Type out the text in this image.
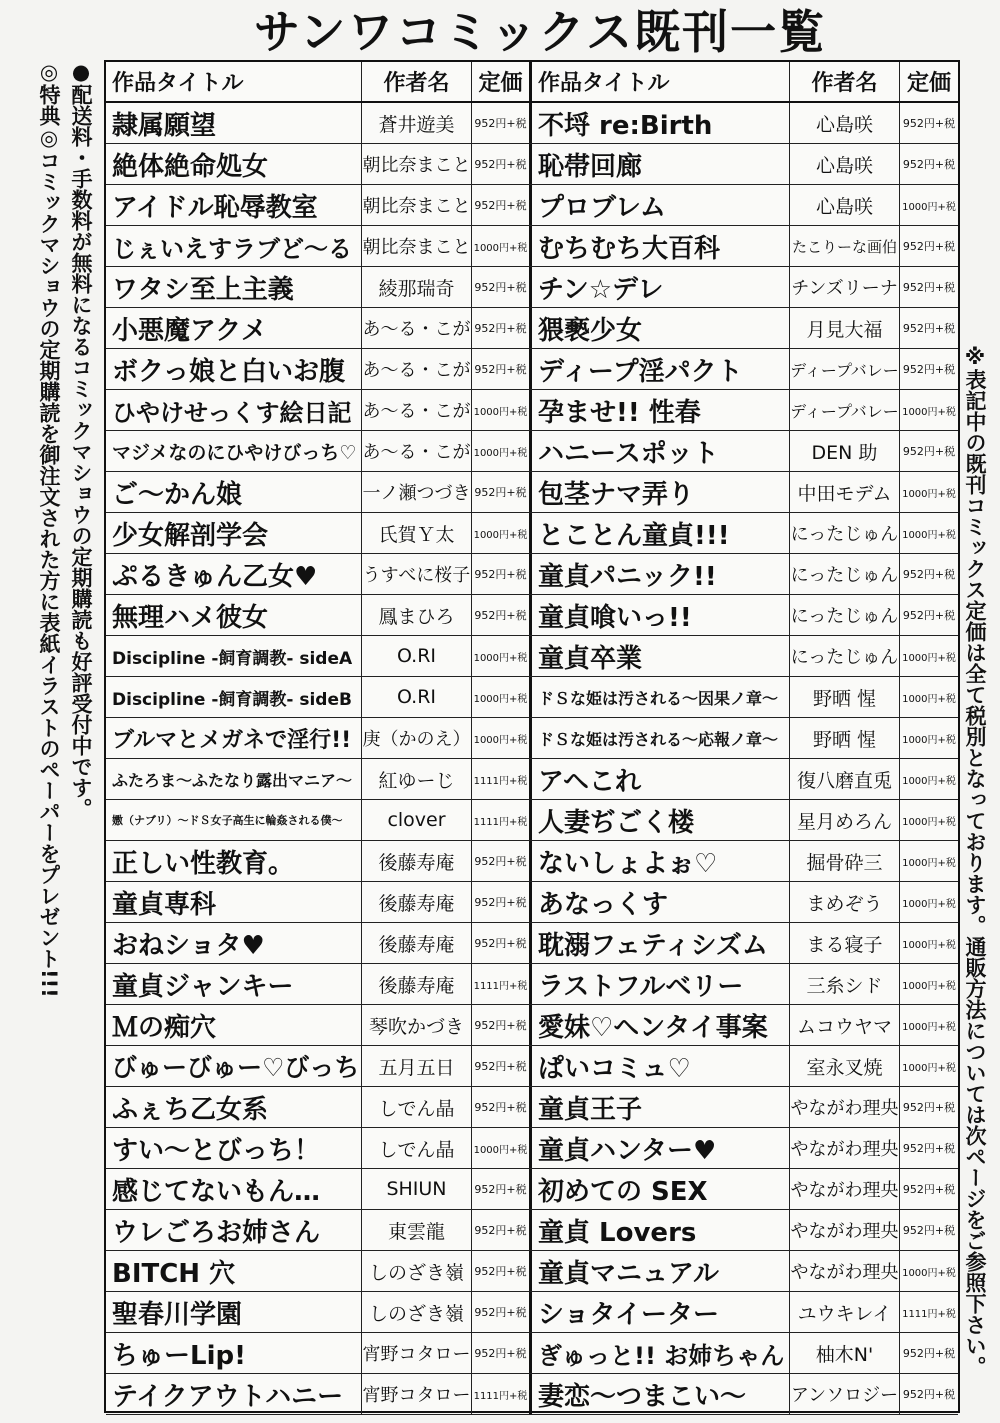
サンワコミックス既刊一覧
●配送料・手数料が無料になるコミックマショウの定期購読も好評受付中です。
◎特典◎コミックマショウの定期購読を御注文された方に表紙イラストのペーパーをプレゼント!!!	※表記中の既刊コミックス定価は全て税別となっております。通販方法については次ページをご参照下さい。
作品タイトル	作者名	定価 作品タイトル	作者名	定価
隷属願望	蒼井遊美	952円+税 不埒 re:Birth	心島咲	952円+税
絶体絶命処女	朝比奈まこと 952円+税 恥帯回廊	心島咲	952円+税
アイドル恥辱教室	朝比奈まこと 952円+税 プロブレム	心島咲	1000円+税
じぇいえすラブど〜る 朝比奈まこと 1000円+税 むちむち大百科	たこりーな画伯 952円+税
ワタシ至上主義	綾那瑞奇	952円+税 チン☆デレ	チンズリーナ 952円+税
小悪魔アクメ	あ〜る・こが 952円+税 猥褻少女	月見大福	952円+税
ボクっ娘と白いお腹 あ〜る・こが 952円+税 ディープ淫パクト	ディープバレー 952円+税
ひやけせっくす絵日記 あ〜る・こが 1000円+税 孕ませ!! 性春	ディープバレー 1000円+税
マジメなのにひやけびっち♡ あ〜る・こが 1000円+税 ハニースポット	DEN 助	952円+税
ご〜かん娘	一ノ瀬つづき 952円+税 包茎ナマ弄り	中田モデム	1000円+税
少女解剖学会	氏賀Ｙ太	1000円+税 とことん童貞!!!	にったじゅん 1000円+税
ぷるきゅん乙女♥	うすべに桜子 952円+税 童貞パニック!!	にったじゅん 952円+税
無理ハメ彼女	鳳まひろ	952円+税 童貞喰いっ!!	にったじゅん 952円+税
Discipline -飼育調教- sideA	O.RI	1000円+税 童貞卒業	にったじゅん 1000円+税
Discipline -飼育調教- sideB	O.RI	1000円+税 ドＳな姫は汚される〜因果ノ章〜	野晒 惺	1000円+税
ブルマとメガネで淫行!! 庚（かのえ） 1000円+税 ドＳな姫は汚される〜応報ノ章〜	野晒 惺	1000円+税
ふたろま〜ふたなり露出マニア〜	紅ゆーじ	1111円+税 アヘこれ	復八磨直兎	1000円+税
嫐（ナブリ）〜ドＳ女子高生に輪姦される僕〜	clover	1111円+税 人妻ぢごく楼	星月めろん	1000円+税
正しい性教育。	後藤寿庵	952円+税 ないしょよぉ♡	掘骨砕三	1000円+税
童貞専科	後藤寿庵	952円+税 あなっくす	まめぞう	1000円+税
おねショタ♥	後藤寿庵	952円+税 耽溺フェティシズム	まる寝子	1000円+税
童貞ジャンキー	後藤寿庵	1111円+税 ラストフルベリー	三糸シド	1000円+税
Ｍの痴穴	琴吹かづき 952円+税 愛妹♡ヘンタイ事案	ムコウヤマ	1000円+税
びゅーびゅー♡びっち	五月五日	952円+税 ぱいコミュ♡	室永叉焼	1000円+税
ふぇち乙女系	しでん晶	952円+税 童貞王子	やながわ理央 952円+税
すい〜とびっち！	しでん晶	1000円+税 童貞ハンター♥	やながわ理央 952円+税
感じてないもん…	SHIUN	952円+税 初めての SEX	やながわ理央 952円+税
ウレごろお姉さん	東雲龍	952円+税 童貞 Lovers	やながわ理央 952円+税
BITCH 穴	しのざき嶺 952円+税 童貞マニュアル	やながわ理央 1000円+税
聖春川学園	しのざき嶺 952円+税 ショタイーター	ユウキレイ	1111円+税
ちゅーLip!	宵野コタロー 952円+税 ぎゅっと!! お姉ちゃん	柚木N'	952円+税
テイクアウトハニー	宵野コタロー 1111円+税 妻恋〜つまこい〜	アンソロジー 952円+税
